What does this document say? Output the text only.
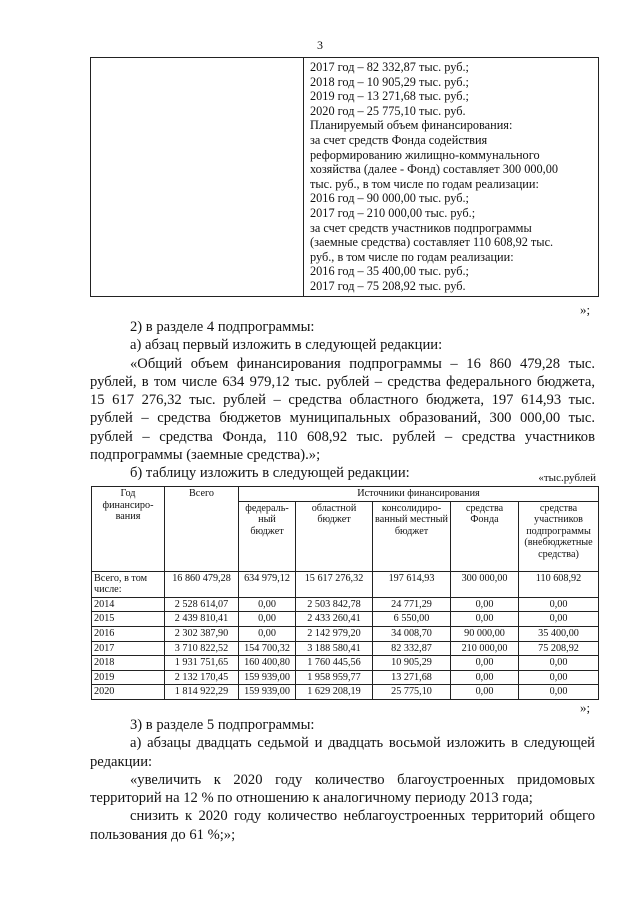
3

2017 год – 82 332,87 тыс. руб.;
2018 год – 10 905,29 тыс. руб.;
2019 год – 13 271,68 тыс. руб.;
2020 год – 25 775,10 тыс. руб.
Планируемый объем финансирования:
за счет средств Фонда содействия
реформированию жилищно-коммунального
хозяйства (далее - Фонд) составляет 300 000,00
тыс. руб., в том числе по годам реализации:
2016 год – 90 000,00 тыс. руб.;
2017 год – 210 000,00 тыс. руб.;
за счет средств участников подпрограммы
(заемные средства) составляет 110 608,92 тыс.
руб., в том числе по годам реализации:
2016 год – 35 400,00 тыс. руб.;
2017 год – 75 208,92 тыс. руб.
»;

2) в разделе 4 подпрограммы:

а) абзац первый изложить в следующей редакции:

«Общий объем финансирования подпрограммы – 16 860 479,28 тыс. рублей, в том числе 634 979,12 тыс. рублей – средства федерального бюджета, 15 617 276,32 тыс. рублей – средства областного бюджета, 197 614,93 тыс. рублей – средства бюджетов муниципальных образований, 300 000,00 тыс. рублей – средства Фонда, 110 608,92 тыс. рублей – средства участников подпрограммы (заемные средства).»;

б) таблицу изложить в следующей редакции:	«тыс.рублей
Год финансиро-вания	Всего	Источники финансирования				
		федераль-ный бюджет	областной бюджет	консолидиро-ванный местный бюджет	средства Фонда	средства участников подпрограммы (внебюджетные средства)
Всего, в том числе:	16 860 479,28	634 979,12	15 617 276,32	197 614,93	300 000,00	110 608,92
2014	2 528 614,07	0,00	2 503 842,78	24 771,29	0,00	0,00
2015	2 439 810,41	0,00	2 433 260,41	6 550,00	0,00	0,00
2016	2 302 387,90	0,00	2 142 979,20	34 008,70	90 000,00	35 400,00
2017	3 710 822,52	154 700,32	3 188 580,41	82 332,87	210 000,00	75 208,92
2018	1 931 751,65	160 400,80	1 760 445,56	10 905,29	0,00	0,00
2019	2 132 170,45	159 939,00	1 958 959,77	13 271,68	0,00	0,00
2020	1 814 922,29	159 939,00	1 629 208,19	25 775,10	0,00	0,00
»;

3) в разделе 5 подпрограммы:

а) абзацы двадцать седьмой и двадцать восьмой изложить в следующей редакции:

«увеличить к 2020 году количество благоустроенных придомовых территорий на 12 % по отношению к аналогичному периоду 2013 года;

снизить к 2020 году количество неблагоустроенных территорий общего пользования до 61 %;»;
